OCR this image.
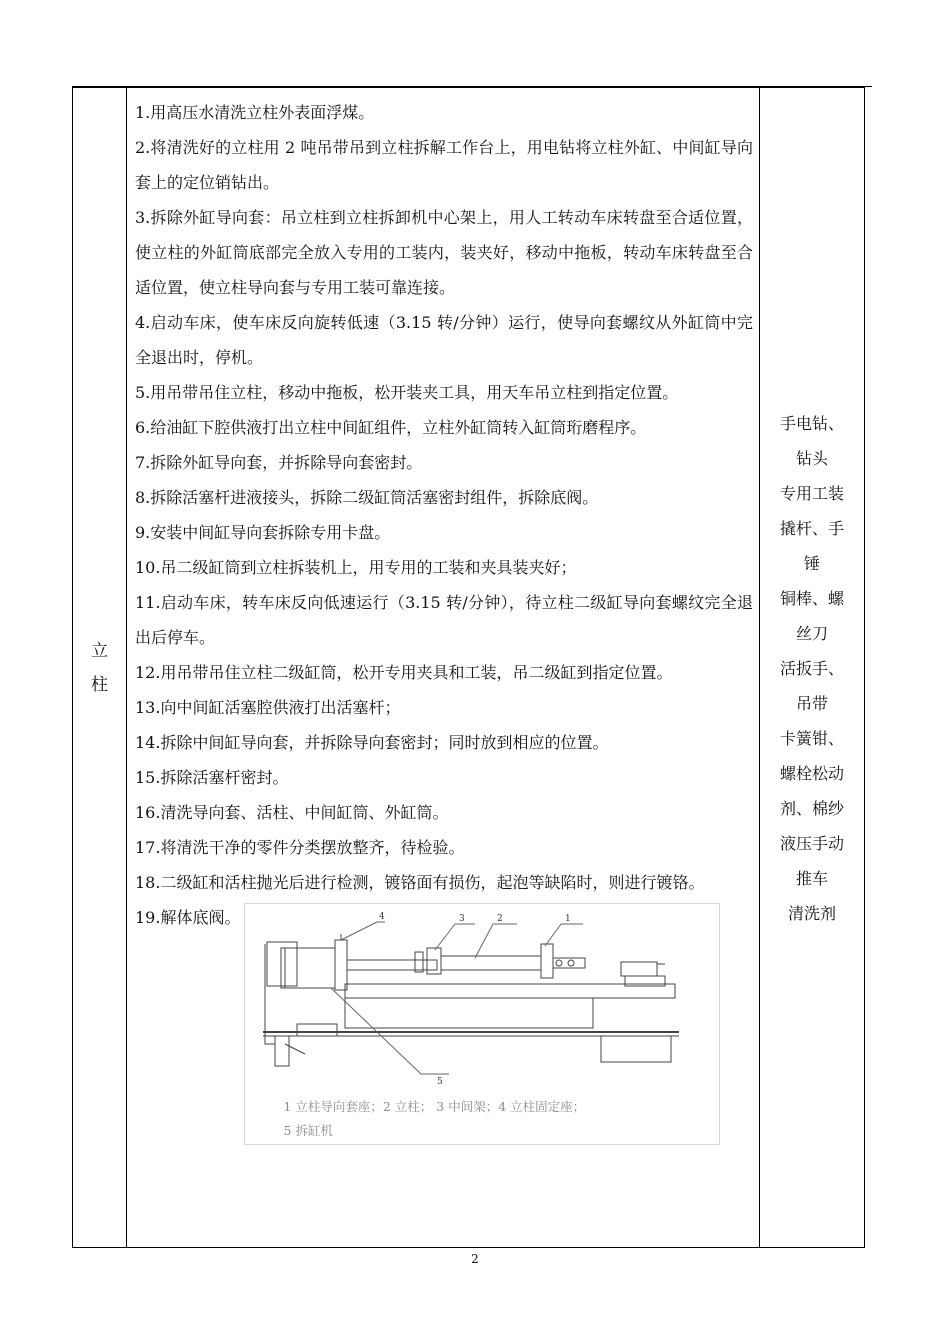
立
柱

1.用高压水清洗立柱外表面浮煤。
2.将清洗好的立柱用 2 吨吊带吊到立柱拆解工作台上，用电钻将立柱外缸、中间缸导向套上的定位销钻出。
3.拆除外缸导向套：吊立柱到立柱拆卸机中心架上，用人工转动车床转盘至合适位置，使立柱的外缸筒底部完全放入专用的工装内，装夹好，移动中拖板，转动车床转盘至合适位置，使立柱导向套与专用工装可靠连接。
4.启动车床，使车床反向旋转低速（3.15 转/分钟）运行，使导向套螺纹从外缸筒中完全退出时，停机。
5.用吊带吊住立柱，移动中拖板，松开装夹工具，用天车吊立柱到指定位置。
6.给油缸下腔供液打出立柱中间缸组件，立柱外缸筒转入缸筒珩磨程序。
7.拆除外缸导向套，并拆除导向套密封。
8.拆除活塞杆进液接头，拆除二级缸筒活塞密封组件，拆除底阀。
9.安装中间缸导向套拆除专用卡盘。
10.吊二级缸筒到立柱拆装机上，用专用的工装和夹具装夹好；
11.启动车床，转车床反向低速运行（3.15 转/分钟），待立柱二级缸导向套螺纹完全退出后停车。
12.用吊带吊住立柱二级缸筒，松开专用夹具和工装，吊二级缸到指定位置。
13.向中间缸活塞腔供液打出活塞杆；
14.拆除中间缸导向套，并拆除导向套密封；同时放到相应的位置。
15.拆除活塞杆密封。
16.清洗导向套、活柱、中间缸筒、外缸筒。
17.将清洗干净的零件分类摆放整齐，待检验。
18.二级缸和活柱抛光后进行检测，镀铬面有损伤，起泡等缺陷时，则进行镀铬。
19.解体底阀。	4	3	2	1
5
1 立柱导向套座；2 立柱； 3 中间架；4 立柱固定座；
5 拆缸机

手电钻、
钻头
专用工装
撬杆、手
锤
铜棒、螺
丝刀
活扳手、
吊带
卡簧钳、
螺栓松动
剂、棉纱
液压手动
推车
清洗剂
2
